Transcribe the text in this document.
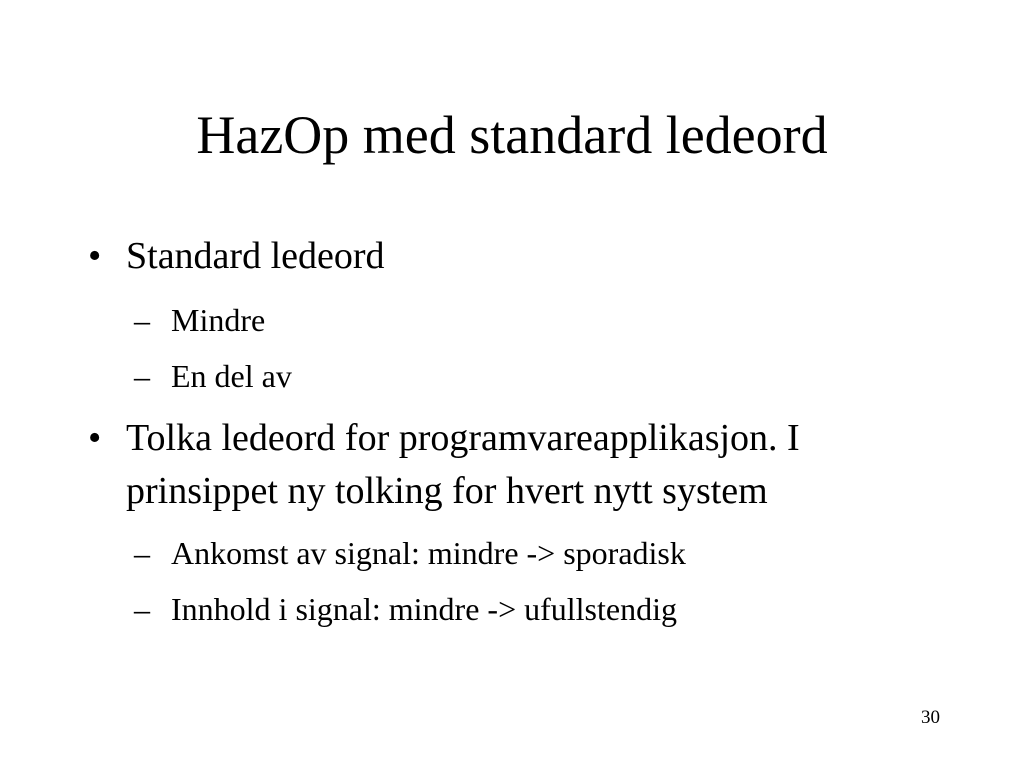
HazOp med standard ledeord
• Standard ledeord
– Mindre
– En del av
• Tolka ledeord for programvareapplikasjon. I
prinsippet ny tolking for hvert nytt system
– Ankomst av signal: mindre -> sporadisk
– Innhold i signal: mindre -> ufullstendig
30
